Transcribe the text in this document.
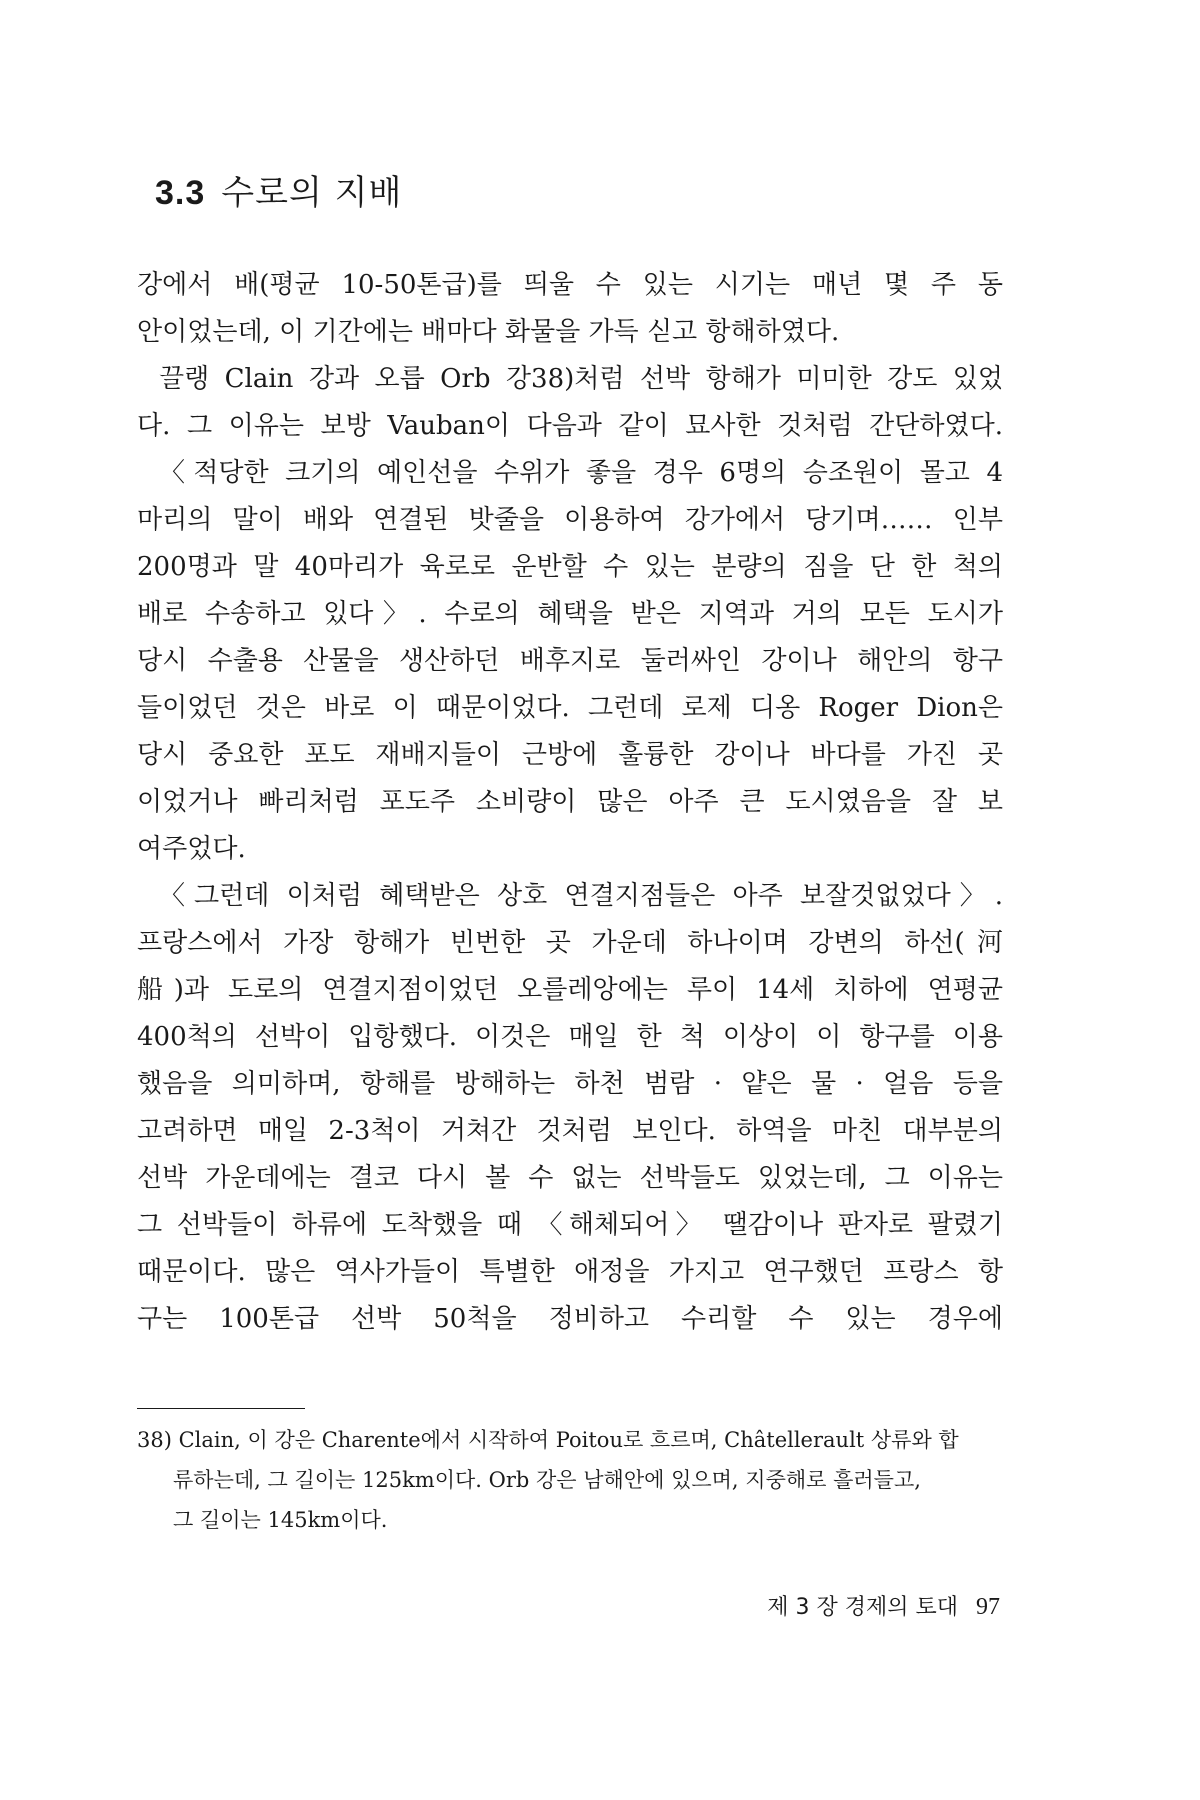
3.3 수로의 지배
강에서 배(평균 10-50톤급)를 띄울 수 있는 시기는 매년 몇 주 동
안이었는데, 이 기간에는 배마다 화물을 가득 싣고 항해하였다.
끌랭 Clain 강과 오릅 Orb 강38)처럼 선박 항해가 미미한 강도 있었
다. 그 이유는 보방 Vauban이 다음과 같이 묘사한 것처럼 간단하였다.
〈적당한 크기의 예인선을 수위가 좋을 경우 6명의 승조원이 몰고 4
마리의 말이 배와 연결된 밧줄을 이용하여 강가에서 당기며…… 인부
200명과 말 40마리가 육로로 운반할 수 있는 분량의 짐을 단 한 척의
배로 수송하고 있다〉. 수로의 혜택을 받은 지역과 거의 모든 도시가
당시 수출용 산물을 생산하던 배후지로 둘러싸인 강이나 해안의 항구
들이었던 것은 바로 이 때문이었다. 그런데 로제 디옹 Roger Dion은
당시 중요한 포도 재배지들이 근방에 훌륭한 강이나 바다를 가진 곳
이었거나 빠리처럼 포도주 소비량이 많은 아주 큰 도시였음을 잘 보
여주었다.
〈그런데 이처럼 혜택받은 상호 연결지점들은 아주 보잘것없었다〉.
프랑스에서 가장 항해가 빈번한 곳 가운데 하나이며 강변의 하선(河
船)과 도로의 연결지점이었던 오를레앙에는 루이 14세 치하에 연평균
400척의 선박이 입항했다. 이것은 매일 한 척 이상이 이 항구를 이용
했음을 의미하며, 항해를 방해하는 하천 범람 · 얕은 물 · 얼음 등을
고려하면 매일 2-3척이 거쳐간 것처럼 보인다. 하역을 마친 대부분의
선박 가운데에는 결코 다시 볼 수 없는 선박들도 있었는데, 그 이유는
그 선박들이 하류에 도착했을 때 〈해체되어〉 땔감이나 판자로 팔렸기
때문이다. 많은 역사가들이 특별한 애정을 가지고 연구했던 프랑스 항
구는 100톤급 선박 50척을 정비하고 수리할 수 있는 경우에
38) Clain, 이 강은 Charente에서 시작하여 Poitou로 흐르며, Châtellerault 상류와 합
류하는데, 그 길이는 125km이다. Orb 강은 남해안에 있으며, 지중해로 흘러들고,
그 길이는 145km이다.
제 3 장 경제의 토대 97
